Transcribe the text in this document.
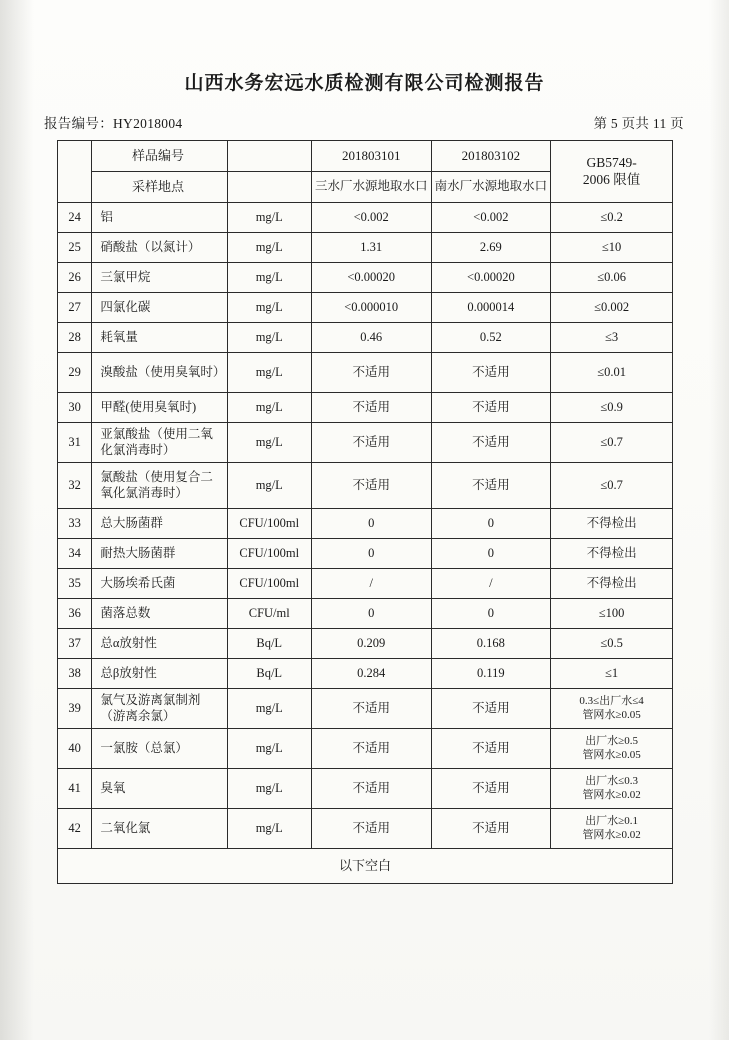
山西水务宏远水质检测有限公司检测报告
报告编号：HY2018004	第 5 页共 11 页
	样品编号		201803101	201803102	GB5749-
2006 限值

	采样地点		三水厂水源地取水口	南水厂水源地取水口	
24	铝	mg/L	<0.002	<0.002	≤0.2
25	硝酸盐（以氮计）	mg/L	1.31	2.69	≤10
26	三氯甲烷	mg/L	<0.00020	<0.00020	≤0.06
27	四氯化碳	mg/L	<0.000010	0.000014	≤0.002
28	耗氧量	mg/L	0.46	0.52	≤3
29	溴酸盐（使用臭氧时）	mg/L	不适用	不适用	≤0.01
30	甲醛(使用臭氧时)	mg/L	不适用	不适用	≤0.9
31	亚氯酸盐（使用二氧化氯消毒时）	mg/L	不适用	不适用	≤0.7
32	氯酸盐（使用复合二氧化氯消毒时）	mg/L	不适用	不适用	≤0.7
33	总大肠菌群	CFU/100ml	0	0	不得检出
34	耐热大肠菌群	CFU/100ml	0	0	不得检出
35	大肠埃希氏菌	CFU/100ml	/	/	不得检出
36	菌落总数	CFU/ml	0	0	≤100
37	总α放射性	Bq/L	0.209	0.168	≤0.5
38	总β放射性	Bq/L	0.284	0.119	≤1
39	氯气及游离氯制剂（游离余氯）	mg/L	不适用	不适用	0.3≤出厂水≤4
管网水≥0.05

40	一氯胺（总氯）	mg/L	不适用	不适用	出厂水≥0.5
管网水≥0.05

41	臭氧	mg/L	不适用	不适用	出厂水≤0.3
管网水≥0.02

42	二氧化氯	mg/L	不适用	不适用	出厂水≥0.1
管网水≥0.02

以下空白					
